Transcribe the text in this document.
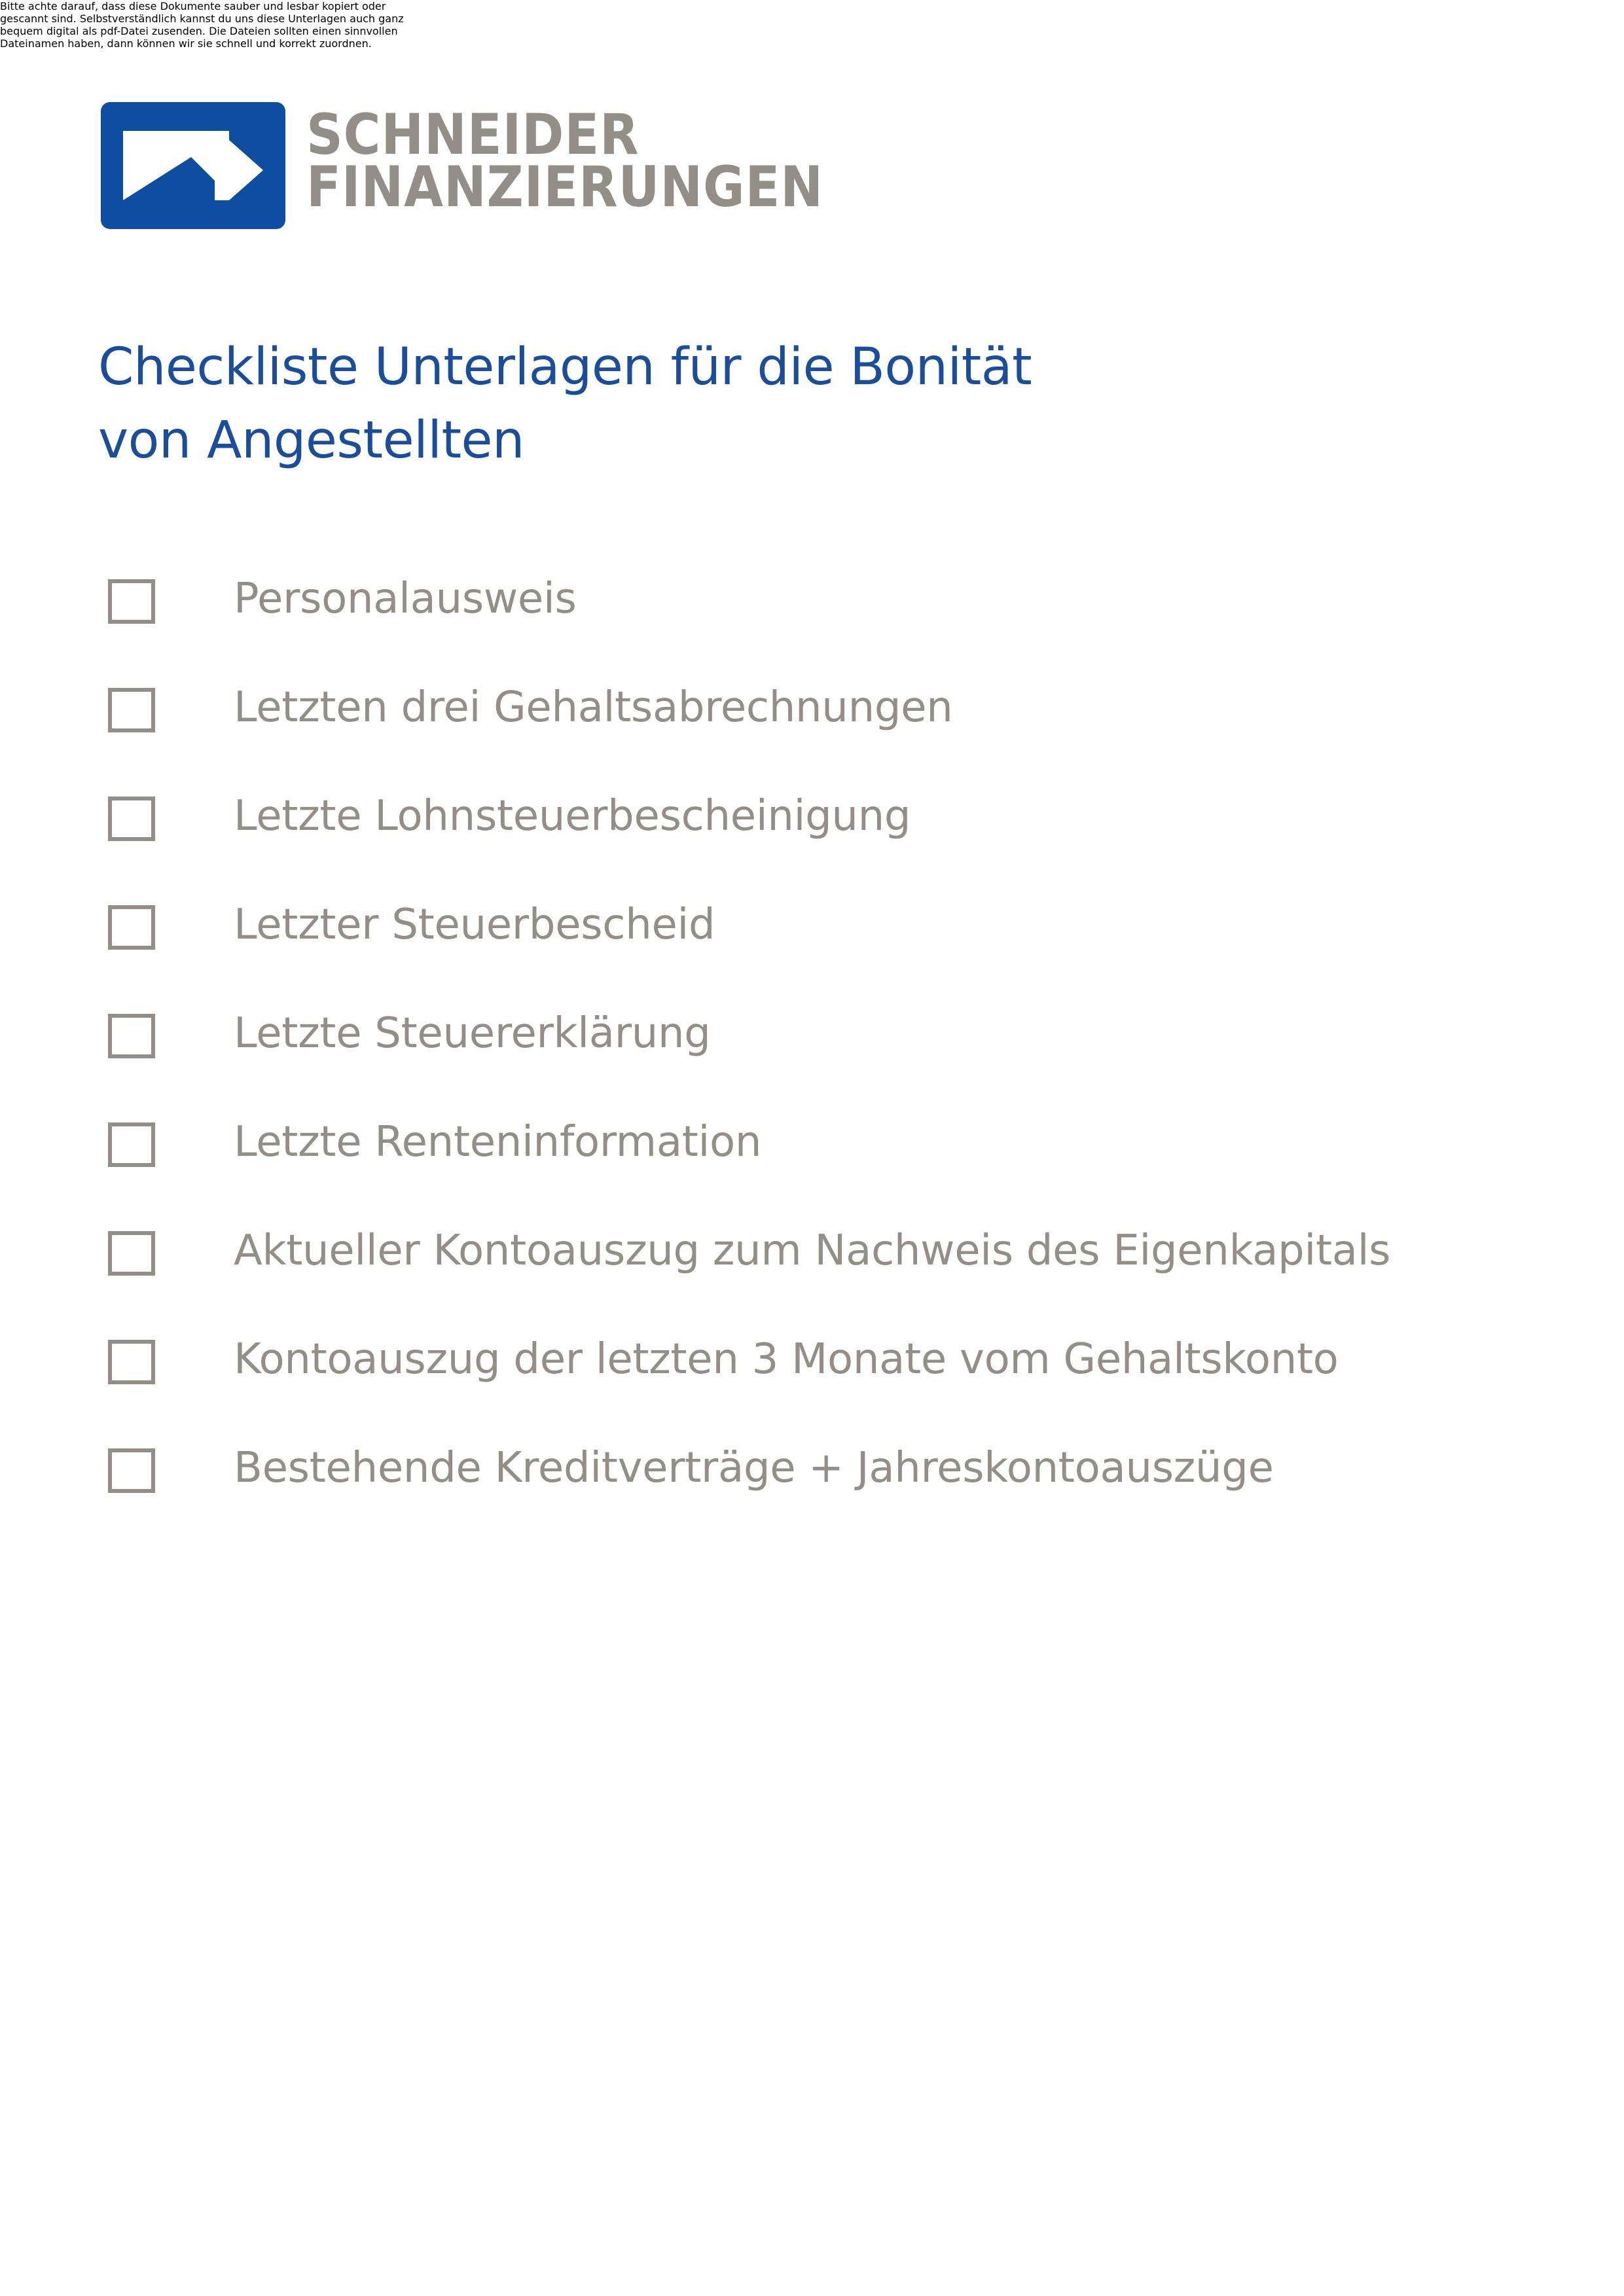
SCHNEIDER
FINANZIERUNGEN
Checkliste Unterlagen für die Bonität
von Angestellten
Personalausweis
Letzten drei Gehaltsabrechnungen
Letzte Lohnsteuerbescheinigung
Letzter Steuerbescheid
Letzte Steuererklärung
Letzte Renteninformation
Aktueller Kontoauszug zum Nachweis des Eigenkapitals
Kontoauszug der letzten 3 Monate vom Gehaltskonto
Bestehende Kreditverträge + Jahreskontoauszüge

Bitte achte darauf, dass diese Dokumente sauber und lesbar kopiert oder
gescannt sind. Selbstverständlich kannst du uns diese Unterlagen auch ganz
bequem digital als pdf-Datei zusenden. Die Dateien sollten einen sinnvollen
Dateinamen haben, dann können wir sie schnell und korrekt zuordnen.
